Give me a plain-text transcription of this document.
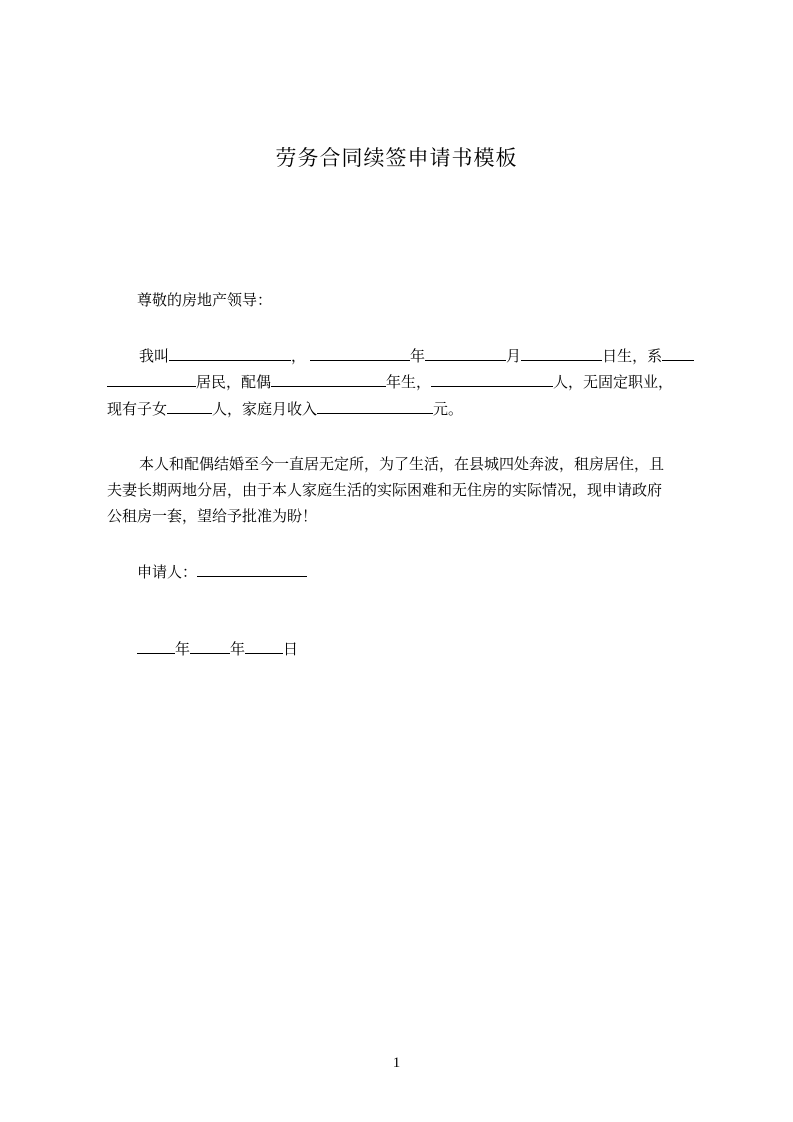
劳务合同续签申请书模板
尊敬的房地产领导：
我叫	，	年	月	日生，系
居民，配偶	年生，	人，无固定职业，
现有子女	人，家庭月收入	元。
本人和配偶结婚至今一直居无定所，为了生活，在县城四处奔波，租房居住，且
夫妻长期两地分居，由于本人家庭生活的实际困难和无住房的实际情况，现申请政府
公租房一套，望给予批准为盼！
申请人：
年	年	日
1
